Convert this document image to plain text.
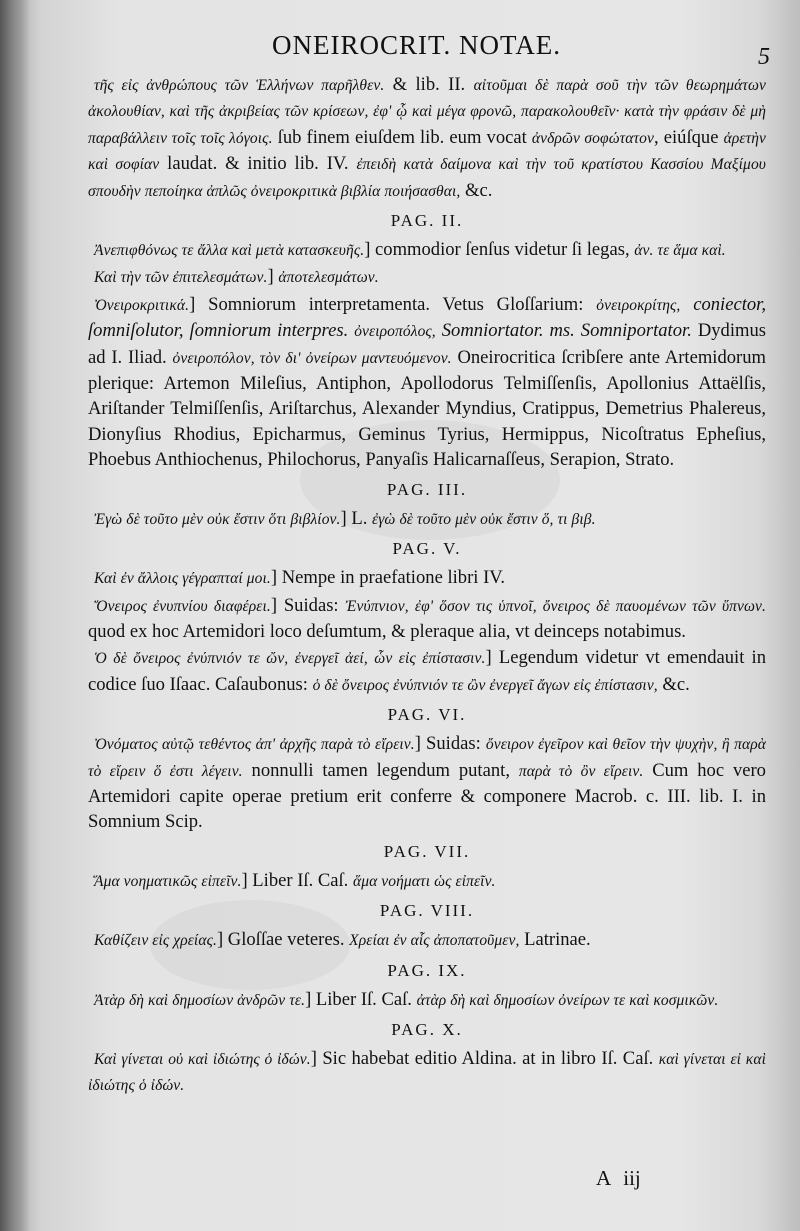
ONEIROCRIT. NOTAE.	5

τῆς εἰς ἀνθρώπους τῶν Ἑλλήνων παρῆλθεν. & lib. II. αἰτοῦμαι δὲ παρὰ σοῦ τὴν τῶν θεωρημάτων ἀκολουθίαν, καὶ τῆς ἀκριβείας τῶν κρίσεων, ἐφ' ᾧ καὶ μέγα φρονῶ, παρακολουθεῖν· κατὰ τὴν φράσιν δὲ μὴ παραβάλλειν τοῖς τοῖς λόγοις. ſub finem eiuſdem lib. eum vocat ἀνδρῶν σοφώτατον, eiúſque ἀρετὴν καὶ σοφίαν laudat. & initio lib. IV. ἐπειδὴ κατὰ δαίμονα καὶ τὴν τοῦ κρατίστου Κασσίου Μαξίμου σπουδὴν πεποίηκα ἀπλῶς ὀνειροκριτικὰ βιβλία ποιήσασθαι, &c.

PAG. II.

Ἀνεπιφθόνως τε ἄλλα καὶ μετὰ κατασκευῆς.] commodior ſenſus videtur ſi legas, ἀν. τε ἅμα καὶ.

Καὶ τὴν τῶν ἐπιτελεσμάτων.] ἀποτελεσμάτων.

Ὀνειροκριτικά.] Somniorum interpretamenta. Vetus Gloſſarium: ὀνειροκρίτης, coniector, ſomniſolutor, ſomniorum interpres. ὀνειροπόλος, Somniortator. ms. Somniportator. Dydimus ad I. Iliad. ὀνειροπόλον, τὸν δι' ὀνείρων μαντευόμενον. Oneirocritica ſcribſere ante Artemidorum plerique: Artemon Mileſius, Antiphon, Apollodorus Telmiſſenſis, Apollonius Attaëlſis, Ariſtander Telmiſſenſis, Ariſtarchus, Alexander Myndius, Cratippus, Demetrius Phalereus, Dionyſius Rhodius, Epicharmus, Geminus Tyrius, Hermippus, Nicoſtratus Epheſius, Phoebus Anthiochenus, Philochorus, Panyaſis Halicarnaſſeus, Serapion, Strato.

PAG. III.

Ἐγὼ δὲ τοῦτο μὲν οὐκ ἔστιν ὅτι βιβλίον.] L. ἐγὼ δὲ τοῦτο μὲν οὐκ ἔστιν ὅ, τι βιβ.

PAG. V.

Καὶ ἐν ἄλλοις γέγραπταί μοι.] Nempe in praefatione libri IV.

Ὄνειρος ἐνυπνίου διαφέρει.] Suidas: Ἐνύπνιον, ἐφ' ὅσον τις ὑπνοῖ, ὄνειρος δὲ παυομένων τῶν ὕπνων. quod ex hoc Artemidori loco deſumtum, & pleraque alia, vt deinceps notabimus.

Ὁ δὲ ὄνειρος ἐνύπνιόν τε ὤν, ἐνεργεῖ ἀεί, ὧν εἰς ἐπίστασιν.] Legendum videtur vt emendauit in codice ſuo Iſaac. Caſaubonus: ὁ δὲ ὄνειρος ἐνύπνιόν τε ὢν ἐνεργεῖ ἄγων εἰς ἐπίστασιν, &c.

PAG. VI.

Ὀνόματος αὐτῷ τεθέντος ἀπ' ἀρχῆς παρὰ τὸ εἴρειν.] Suidas: ὄνειρον ἐγεῖρον καὶ θεῖον τὴν ψυχὴν, ἢ παρὰ τὸ εἴρειν ὅ ἐστι λέγειν. nonnulli tamen legendum putant, παρὰ τὸ ὂν εἴρειν. Cum hoc vero Artemidori capite operae pretium erit conferre & componere Macrob. c. III. lib. I. in Somnium Scip.

PAG. VII.

Ἅμα νοηματικῶς εἰπεῖν.] Liber Iſ. Caſ. ἅμα νοήματι ὡς εἰπεῖν.

PAG. VIII.

Καθίζειν εἰς χρείας.] Gloſſae veteres. Χρείαι ἐν αἷς ἀποπατοῦμεν, Latrinae.

PAG. IX.

Ἀτὰρ δὴ καὶ δημοσίων ἀνδρῶν τε.] Liber Iſ. Caſ. ἀτὰρ δὴ καὶ δημοσίων ὀνείρων τε καὶ κοσμικῶν.

PAG. X.

Καὶ γίνεται οὐ καὶ ἰδιώτης ὁ ἰδών.] Sic habebat editio Aldina. at in libro Iſ. Caſ. καὶ γίνεται εἰ καὶ ἰδιώτης ὁ ἰδών.

A iij
